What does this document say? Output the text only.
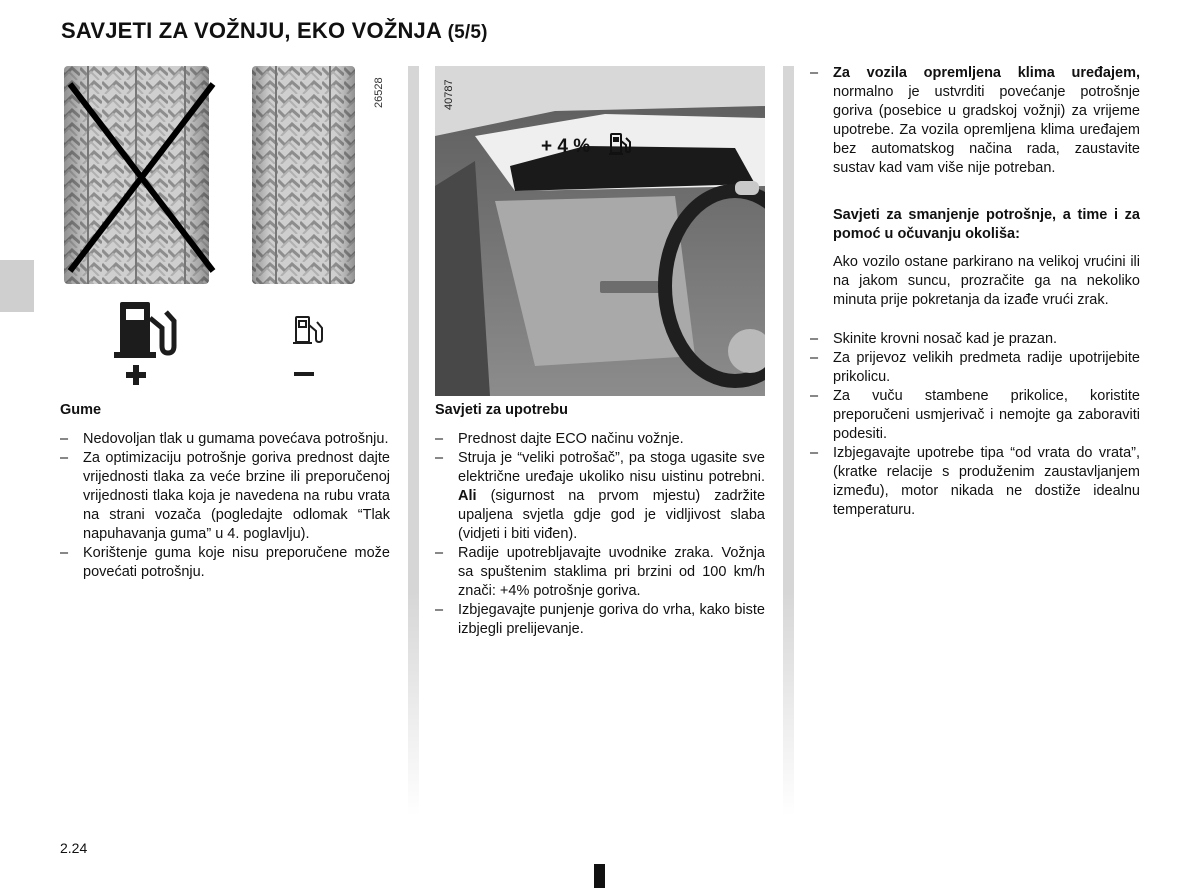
SAVJETI ZA VOŽNJU, EKO VOŽNJA (5/5)
26528
+ 4 %
40787
Gume
– Nedovoljan tlak u gumama povećava potrošnju.
– Za optimizaciju potrošnje goriva prednost dajte vrijednosti tlaka za veće brzine ili preporučenoj vrijednosti tlaka koja je navedena na rubu vrata na strani vozača (pogledajte odlomak “Tlak napuhavanja guma” u 4. poglavlju).
– Korištenje guma koje nisu preporučene može povećati potrošnju.
Savjeti za upotrebu
– Prednost dajte ECO načinu vožnje.
– Struja je “veliki potrošač”, pa stoga ugasite sve električne uređaje ukoliko nisu uistinu potrebni. Ali (sigurnost na prvom mjestu) zadržite upaljena svjetla gdje god je vidljivost slaba (vidjeti i biti viđen).
– Radije upotrebljavajte uvodnike zraka. Vožnja sa spuštenim staklima pri brzini od 100 km/h znači: +4% potrošnje goriva.
– Izbjegavajte punjenje goriva do vrha, kako biste izbjegli prelijevanje.
– Za vozila opremljena klima uređajem, normalno je ustvrditi povećanje potrošnje goriva (posebice u gradskoj vožnji) za vrijeme upotrebe. Za vozila opremljena klima uređajem bez automatskog načina rada, zaustavite sustav kad vam više nije potreban.

Savjeti za smanjenje potrošnje, a time i za pomoć u očuvanju okoliša:

Ako vozilo ostane parkirano na velikoj vrućini ili na jakom suncu, prozračite ga na nekoliko minuta prije pokretanja da izađe vrući zrak.

– Skinite krovni nosač kad je prazan.
– Za prijevoz velikih predmeta radije upotrijebite prikolicu.
– Za vuču stambene prikolice, koristite preporučeni usmjerivač i nemojte ga zaboraviti podesiti.
– Izbjegavajte upotrebe tipa “od vrata do vrata”, (kratke relacije s produženim zaustavljanjem između), motor nikada ne dostiže idealnu temperaturu.
2.24
